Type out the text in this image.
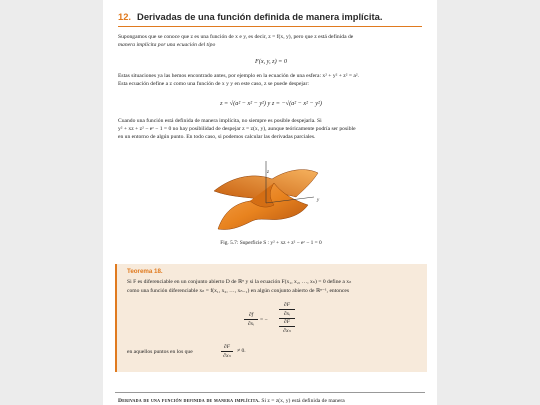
12. Derivadas de una función definida de manera implícita.
Supongamos que se conoce que z es una función de x e y, es decir, z = f(x, y), pero que z está definida de
manera implícita por una ecuación del tipo
F(x, y, z) = 0
Estas situaciones ya las hemos encontrado antes, por ejemplo en la ecuación de una esfera: x² + y² + z² = a².
Esta ecuación define a z como una función de x y y en este caso, z se puede despejar:
z = √(a² − x² − y²) y z = −√(a² − x² − y²)
Cuando una función está definida de manera implícita, no siempre es posible despejarla. Si
y² + xz + z² − eᶻ − 1 = 0 no hay posibilidad de despejar z = z(x, y), aunque teóricamente podría ser posible
en un entorno de algún punto. En todo caso, si podemos calcular las derivadas parciales.
z
y
Fig. 5.7: Superficie S : y² + xz + z² − eᶻ − 1 = 0
Teorema 18.
Si F es diferenciable en un conjunto abierto D de ℝⁿ y si la ecuación F(x₁, x₂, …, xₙ) = 0 define a xₙ
como una función diferenciable xₙ = f(x₁, x₂, …, xₙ₋₁) en algún conjunto abierto de ℝⁿ⁻¹, entonces
∂f
∂xᵢ
= −
∂F
∂xᵢ
∂F
∂xₙ
en aquellos puntos en los que
∂F
∂xₙ
≠ 0.
Derivada de una función definida de manera implícita. Si z = z(x, y) está definida de manera
